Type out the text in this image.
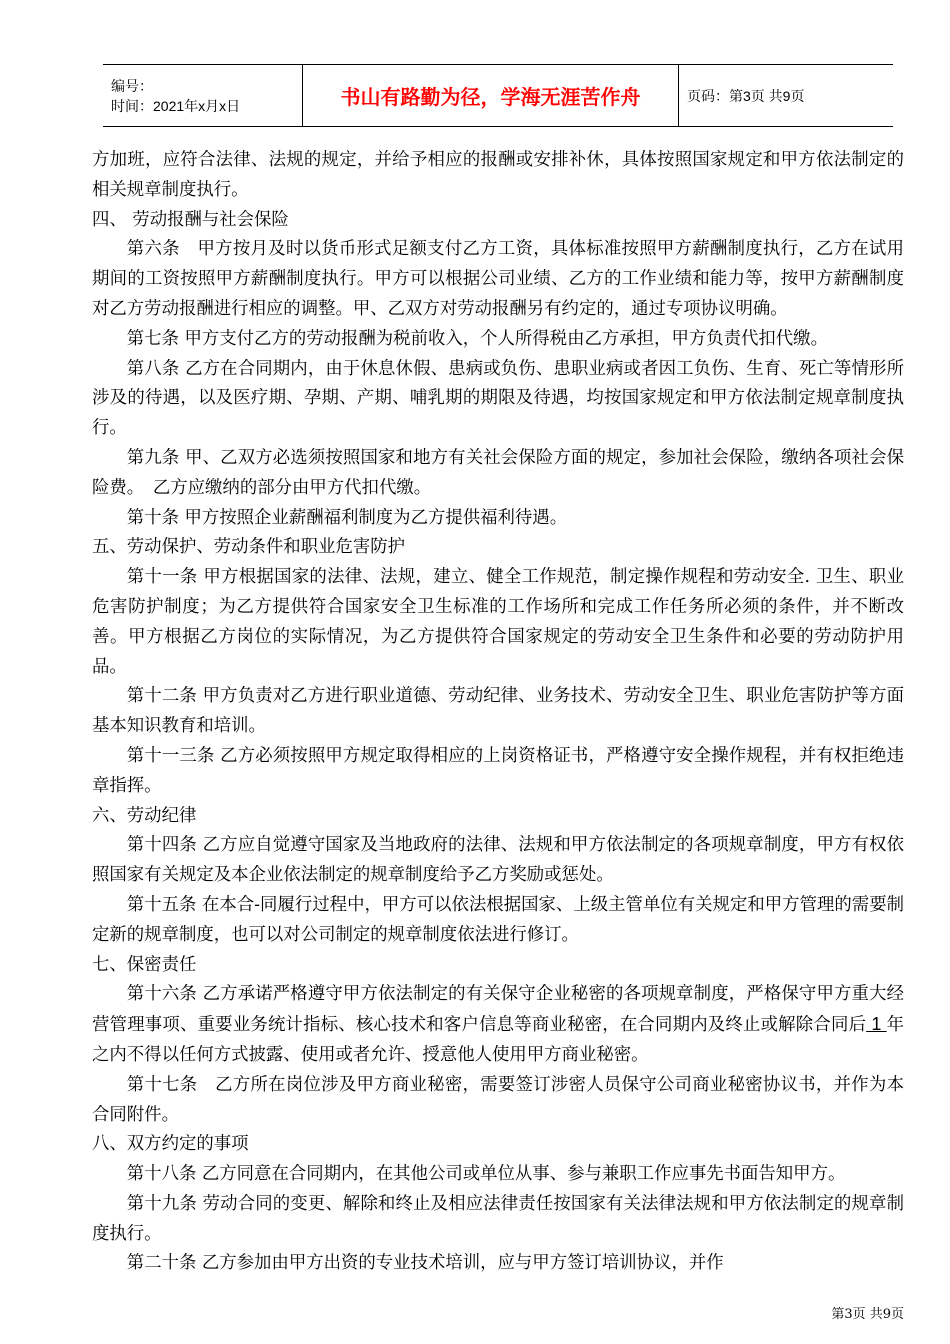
编号：
时间：2021年x月x日	书山有路勤为径，学海无涯苦作舟	页码：第3页 共9页

方加班，应符合法律、法规的规定，并给予相应的报酬或安排补休，具体按照国家规定和甲方依法制定的相关规章制度执行。

四、 劳动报酬与社会保险

第六条　甲方按月及时以货币形式足额支付乙方工资，具体标准按照甲方薪酬制度执行，乙方在试用期间的工资按照甲方薪酬制度执行。甲方可以根据公司业绩、乙方的工作业绩和能力等，按甲方薪酬制度对乙方劳动报酬进行相应的调整。甲、乙双方对劳动报酬另有约定的，通过专项协议明确。

第七条 甲方支付乙方的劳动报酬为税前收入，个人所得税由乙方承担，甲方负责代扣代缴。

第八条 乙方在合同期内，由于休息休假、患病或负伤、患职业病或者因工负伤、生育、死亡等情形所涉及的待遇，以及医疗期、孕期、产期、哺乳期的期限及待遇，均按国家规定和甲方依法制定规章制度执行。

第九条 甲、乙双方必选须按照国家和地方有关社会保险方面的规定，参加社会保险，缴纳各项社会保险费。　乙方应缴纳的部分由甲方代扣代缴。

第十条 甲方按照企业薪酬福利制度为乙方提供福利待遇。

五、劳动保护、劳动条件和职业危害防护

第十一条 甲方根据国家的法律、法规，建立、健全工作规范，制定操作规程和劳动安全. 卫生、职业危害防护制度；为乙方提供符合国家安全卫生标准的工作场所和完成工作任务所必须的条件，并不断改善。甲方根据乙方岗位的实际情况，为乙方提供符合国家规定的劳动安全卫生条件和必要的劳动防护用品。

第十二条 甲方负责对乙方进行职业道德、劳动纪律、业务技术、劳动安全卫生、职业危害防护等方面基本知识教育和培训。

第十一三条 乙方必须按照甲方规定取得相应的上岗资格证书，严格遵守安全操作规程，并有权拒绝违章指挥。

六、劳动纪律

第十四条 乙方应自觉遵守国家及当地政府的法律、法规和甲方依法制定的各项规章制度，甲方有权依照国家有关规定及本企业依法制定的规章制度给予乙方奖励或惩处。

第十五条 在本合-同履行过程中，甲方可以依法根据国家、上级主管单位有关规定和甲方管理的需要制定新的规章制度，也可以对公司制定的规章制度依法进行修订。

七、保密责任

第十六条 乙方承诺严格遵守甲方依法制定的有关保守企业秘密的各项规章制度，严格保守甲方重大经营管理事项、重要业务统计指标、核心技术和客户信息等商业秘密，在合同期内及终止或解除合同后 1 年之内不得以任何方式披露、使用或者允许、授意他人使用甲方商业秘密。

第十七条　乙方所在岗位涉及甲方商业秘密，需要签订涉密人员保守公司商业秘密协议书，并作为本合同附件。

八、双方约定的事项

第十八条 乙方同意在合同期内，在其他公司或单位从事、参与兼职工作应事先书面告知甲方。

第十九条 劳动合同的变更、解除和终止及相应法律责任按国家有关法律法规和甲方依法制定的规章制度执行。

第二十条 乙方参加由甲方出资的专业技术培训，应与甲方签订培训协议，并作

第3页 共9页
